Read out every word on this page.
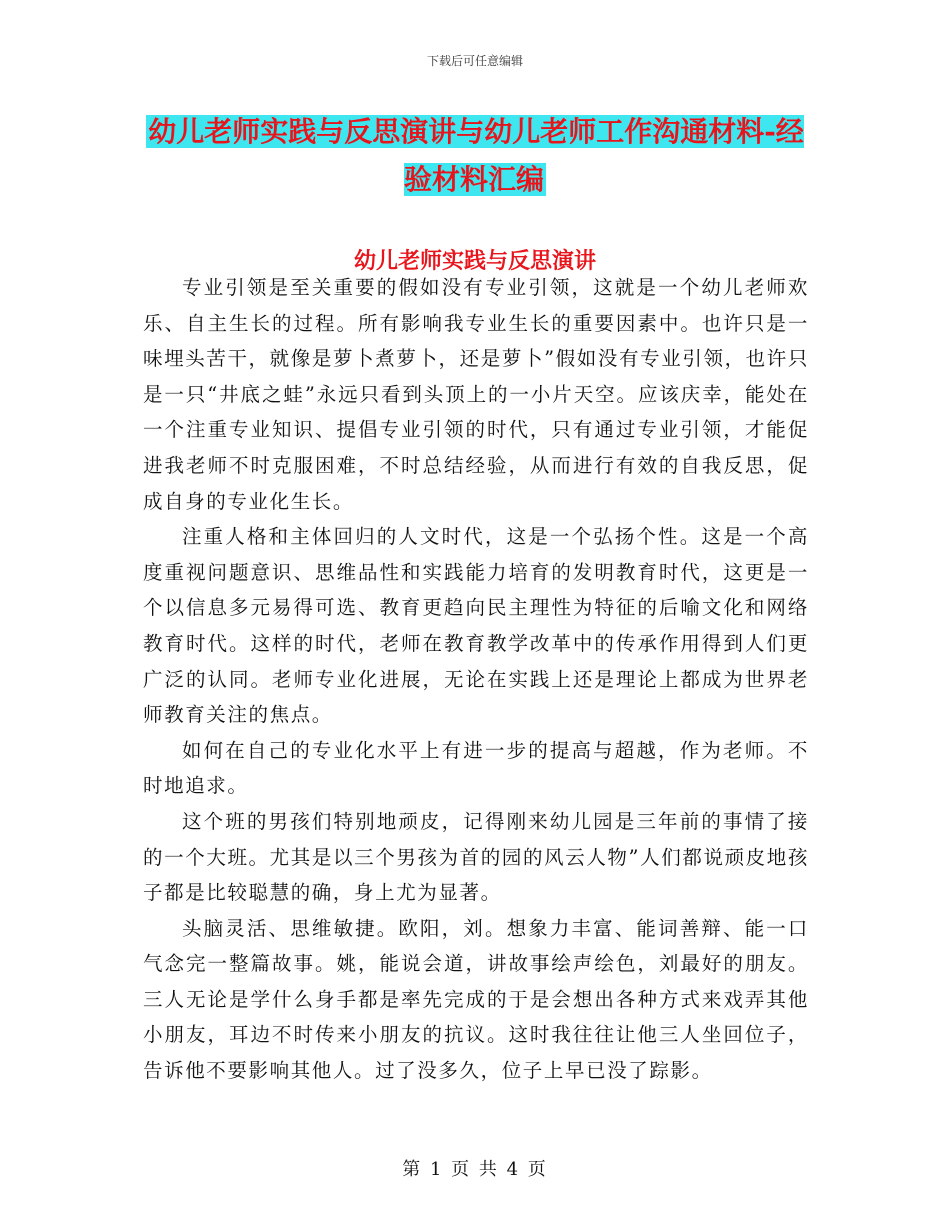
下载后可任意编辑
幼儿老师实践与反思演讲与幼儿老师工作沟通材料-经验材料汇编
幼儿老师实践与反思演讲

专业引领是至关重要的假如没有专业引领，这就是一个幼儿老师欢乐、自主生长的过程。所有影响我专业生长的重要因素中。也许只是一味埋头苦干，就像是萝卜煮萝卜，还是萝卜”假如没有专业引领，也许只是一只“井底之蛙”永远只看到头顶上的一小片天空。应该庆幸，能处在一个注重专业知识、提倡专业引领的时代，只有通过专业引领，才能促进我老师不时克服困难，不时总结经验，从而进行有效的自我反思，促成自身的专业化生长。

注重人格和主体回归的人文时代，这是一个弘扬个性。这是一个高度重视问题意识、思维品性和实践能力培育的发明教育时代，这更是一个以信息多元易得可选、教育更趋向民主理性为特征的后喻文化和网络教育时代。这样的时代，老师在教育教学改革中的传承作用得到人们更广泛的认同。老师专业化进展，无论在实践上还是理论上都成为世界老师教育关注的焦点。

如何在自己的专业化水平上有进一步的提高与超越，作为老师。不时地追求。

这个班的男孩们特别地顽皮，记得刚来幼儿园是三年前的事情了接的一个大班。尤其是以三个男孩为首的园的风云人物”人们都说顽皮地孩子都是比较聪慧的确，身上尤为显著。

头脑灵活、思维敏捷。欧阳，刘。想象力丰富、能词善辩、能一口气念完一整篇故事。姚，能说会道，讲故事绘声绘色，刘最好的朋友。三人无论是学什么身手都是率先完成的于是会想出各种方式来戏弄其他小朋友，耳边不时传来小朋友的抗议。这时我往往让他三人坐回位子，告诉他不要影响其他人。过了没多久，位子上早已没了踪影。

第 1 页 共 4 页
